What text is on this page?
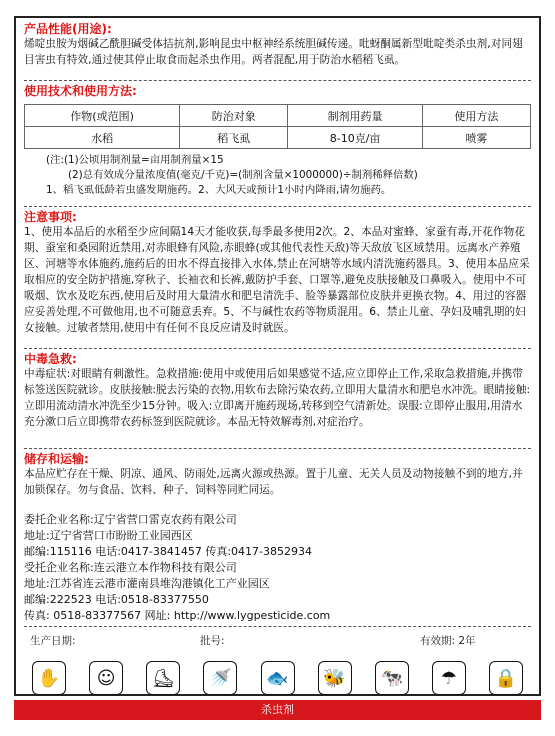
产品性能(用途):
烯啶虫胺为烟碱乙酰胆碱受体拮抗剂,影响昆虫中枢神经系统胆碱传递。吡蚜酮属新型吡啶类杀虫剂,对同翅目害虫有特效,通过使其停止取食而起杀虫作用。两者混配,用于防治水稻稻飞虱。
使用技术和使用方法:
作物(或范围)	防治对象	制剂用药量	使用方法
水稻	稻飞虱	8-10克/亩	喷雾
(注:(1)公顷用制剂量=亩用制剂量×15
(2)总有效成分量浓度值(毫克/千克)=(制剂含量×1000000)÷制剂稀释倍数)
1、稻飞虱低龄若虫盛发期施药。2、大风天或预计1小时内降雨,请勿施药。
注意事项:
1、使用本品后的水稻至少应间隔14天才能收获,每季最多使用2次。2、本品对蜜蜂、家蚕有毒,开花作物花期、蚕室和桑园附近禁用,对赤眼蜂有风险,赤眼蜂(或其他代表性天敌)等天敌放飞区域禁用。远离水产养殖区、河塘等水体施药,施药后的田水不得直接排入水体,禁止在河塘等水域内清洗施药器具。3、使用本品应采取相应的安全防护措施,穿秋子、长袖衣和长裤,戴防护手套、口罩等,避免皮肤接触及口鼻吸入。使用中不可吸烟、饮水及吃东西,使用后及时用大量清水和肥皂清洗手、脸等暴露部位皮肤并更换衣物。4、用过的容器应妥善处理,不可做他用,也不可随意丢弃。5、不与碱性农药等物质混用。6、禁止儿童、孕妇及哺乳期的妇女接触。过敏者禁用,使用中有任何不良反应请及时就医。
中毒急救:
中毒症状:对眼睛有刺激性。急救措施:使用中或使用后如果感觉不适,应立即停止工作,采取急救措施,并携带标签送医院就诊。皮肤接触:脱去污染的衣物,用软布去除污染农药,立即用大量清水和肥皂水冲洗。眼睛接触:立即用流动清水冲洗至少15分钟。吸入:立即离开施药现场,转移到空气清新处。误服:立即停止服用,用清水充分漱口后立即携带农药标签到医院就诊。本品无特效解毒剂,对症治疗。
储存和运输:
本品应贮存在干燥、阴凉、通风、防雨处,远离火源或热源。置于儿童、无关人员及动物接触不到的地方,并加锁保存。勿与食品、饮料、种子、饲料等同贮同运。
委托企业名称:辽宁省营口雷克农药有限公司
地址:辽宁省营口市盼盼工业园西区
邮编:115116 电话:0417-3841457 传真:0417-3852934
受托企业名称:连云港立本作物科技有限公司
地址:江苏省连云港市灌南县堆沟港镇化工产业园区
邮编:222523 电话:0518-83377550
传真: 0518-83377567 网址: http://www.lygpesticide.com
生产日期:	批号:	有效期: 2年
✋	☺	⛸	🚿	🐟	🐝	🐄	☂	🔒
杀虫剂
